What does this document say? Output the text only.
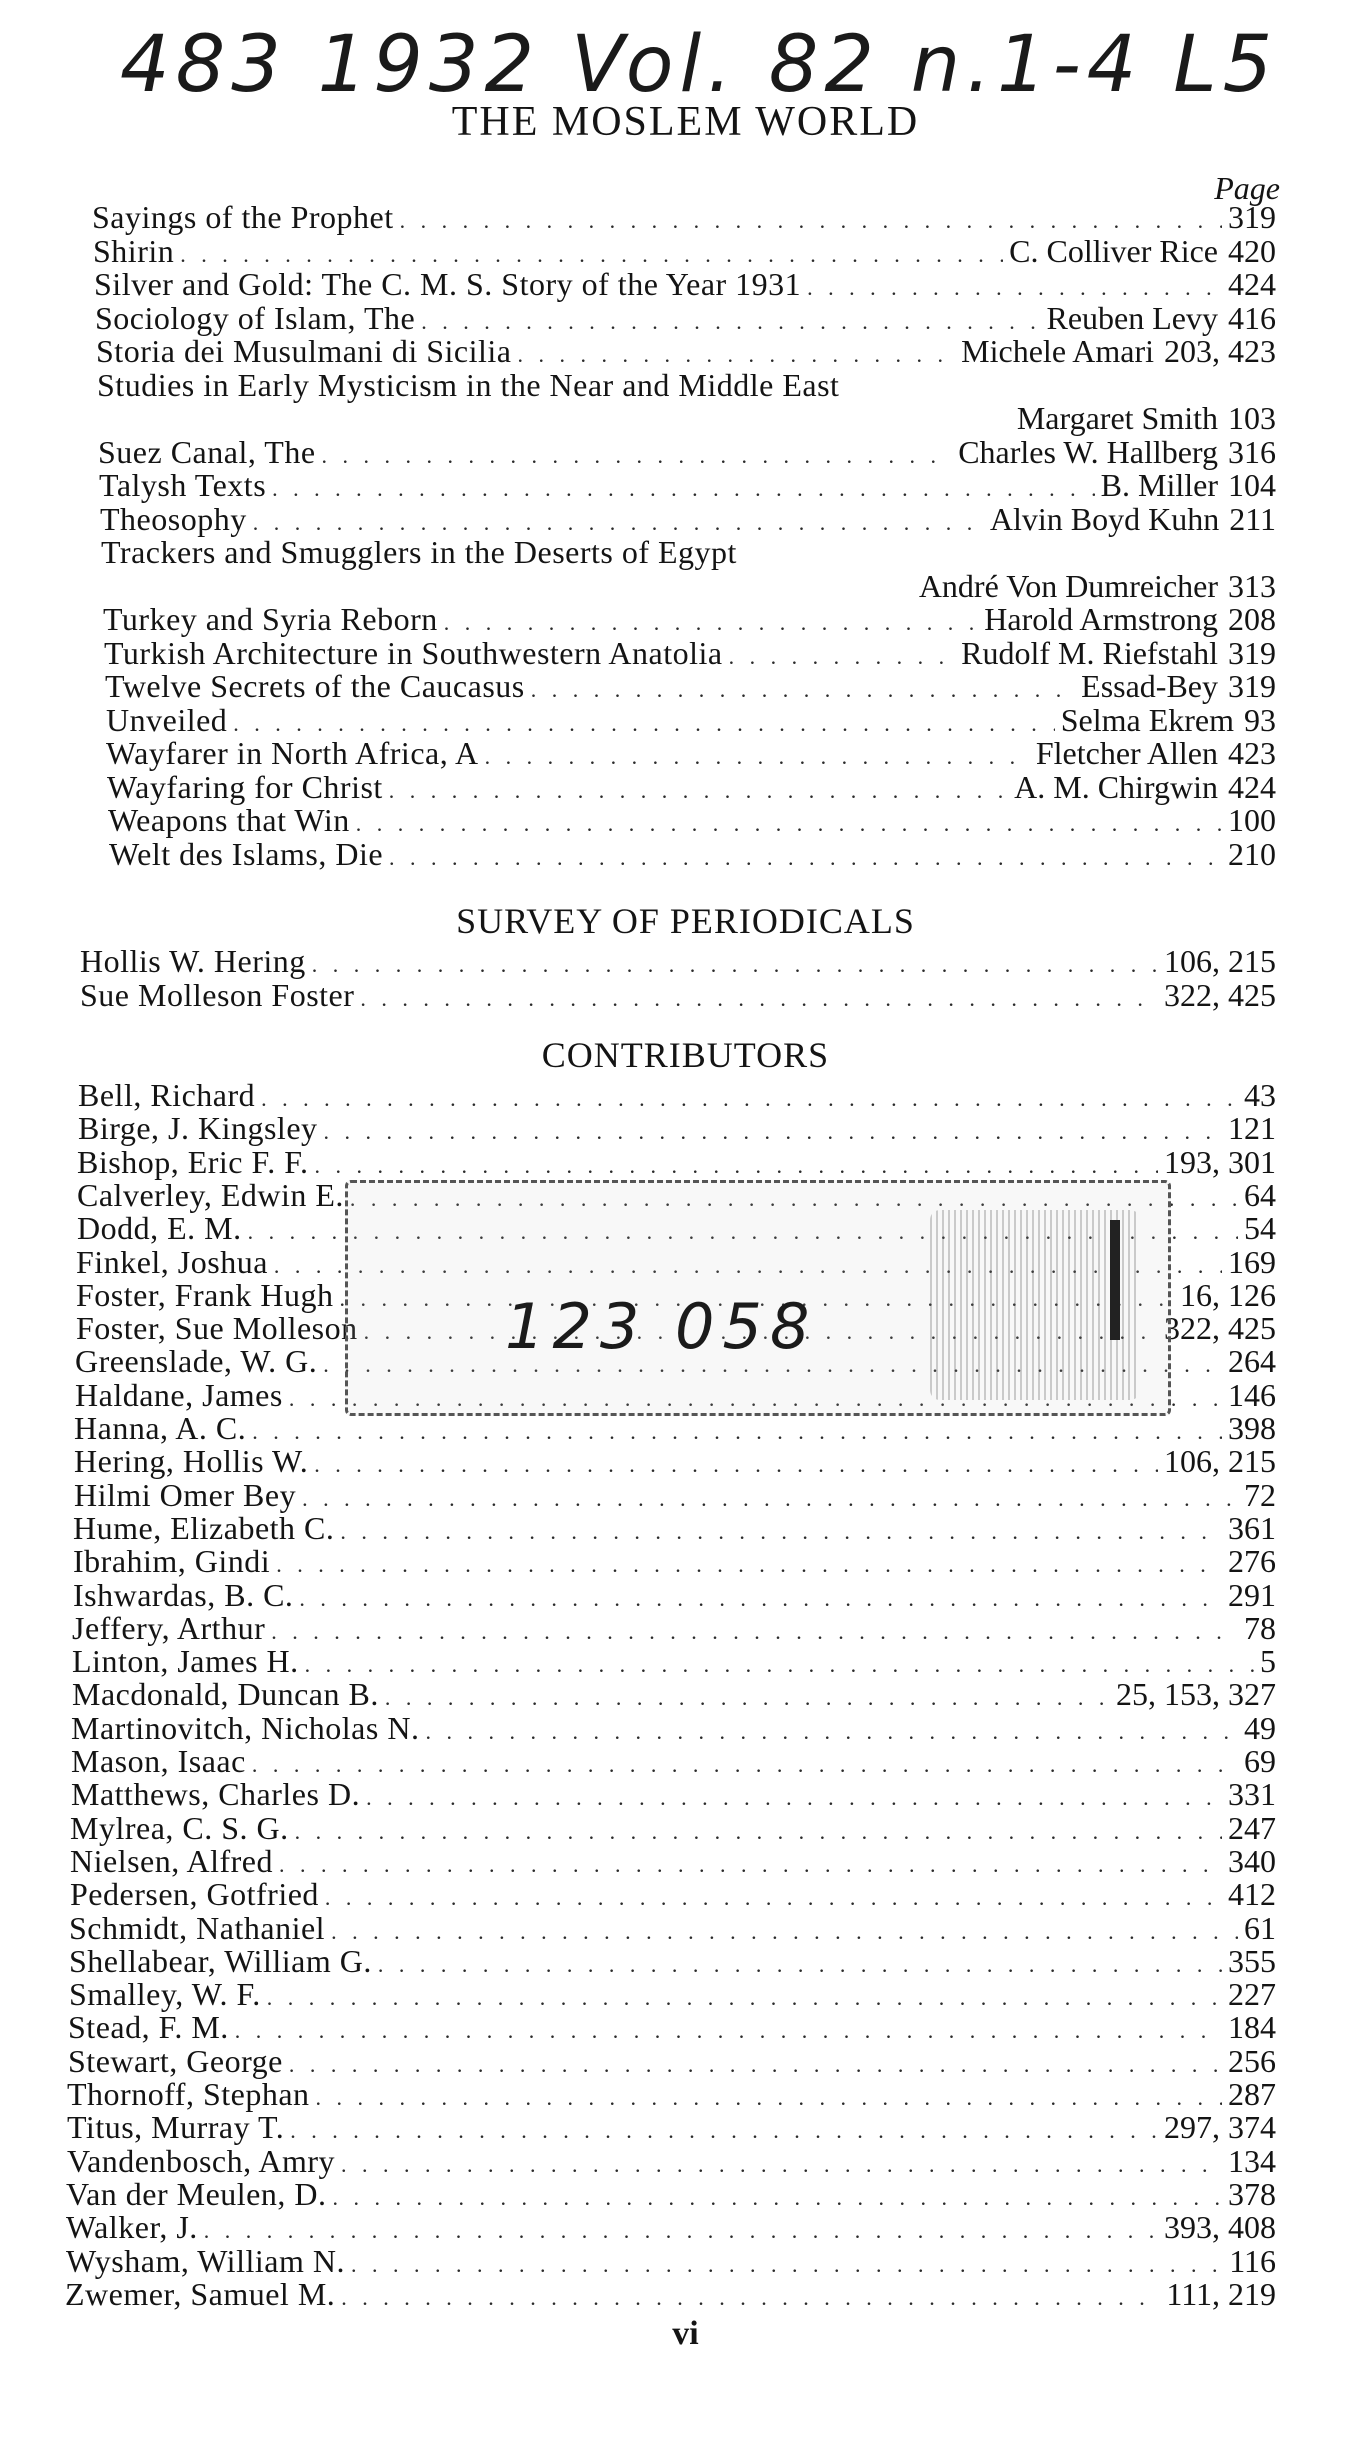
483 1932 Vol. 82 n.1-4 L5
THE MOSLEM WORLD
Page
Sayings of the Prophet . . .	319
Shirin . . .	C. Colliver Rice 420
Silver and Gold: The C. M. S. Story of the Year 1931 . . .	424
Sociology of Islam, The . . .	Reuben Levy 416
Storia dei Musulmani di Sicilia . . .	Michele Amari 203, 423
Studies in Early Mysticism in the Near and Middle East
Margaret Smith 103
Suez Canal, The . . .	Charles W. Hallberg 316
Talysh Texts . . .	B. Miller 104
Theosophy . . .	Alvin Boyd Kuhn 211
Trackers and Smugglers in the Deserts of Egypt
André Von Dumreicher 313
Turkey and Syria Reborn . . .	Harold Armstrong 208
Turkish Architecture in Southwestern Anatolia . . .	Rudolf M. Riefstahl 319
Twelve Secrets of the Caucasus . . .	Essad-Bey 319
Unveiled . . .	Selma Ekrem 93
Wayfarer in North Africa, A . . .	Fletcher Allen 423
Wayfaring for Christ . . .	A. M. Chirgwin 424
Weapons that Win . . .	100
Welt des Islams, Die . . .	210
SURVEY OF PERIODICALS
Hollis W. Hering . . .	106, 215
Sue Molleson Foster . . .	322, 425
CONTRIBUTORS
Bell, Richard . . .	43
Birge, J. Kingsley . . .	121
Bishop, Eric F. F. . . .	193, 301
Calverley, Edwin E. . . .	64
Dodd, E. M. . . .	54
Finkel, Joshua . . .	169
Foster, Frank Hugh . . .	16, 126
Foster, Sue Molleson . . .	322, 425
Greenslade, W. G. . . .	264
Haldane, James . . .	146
Hanna, A. C. . . .	398
Hering, Hollis W. . . .	106, 215
Hilmi Omer Bey . . .	72
Hume, Elizabeth C. . . .	361
Ibrahim, Gindi . . .	276
Ishwardas, B. C. . . .	291
Jeffery, Arthur . . .	78
Linton, James H. . . .	5
Macdonald, Duncan B. . . .	25, 153, 327
Martinovitch, Nicholas N. . . .	49
Mason, Isaac . . .	69
Matthews, Charles D. . . .	331
Mylrea, C. S. G. . . .	247
Nielsen, Alfred . . .	340
Pedersen, Gotfried . . .	412
Schmidt, Nathaniel . . .	61
Shellabear, William G. . . .	355
Smalley, W. F. . . .	227
Stead, F. M. . . .	184
Stewart, George . . .	256
Thornoff, Stephan . . .	287
Titus, Murray T. . . .	297, 374
Vandenbosch, Amry . . .	134
Van der Meulen, D. . . .	378
Walker, J. . . .	393, 408
Wysham, William N. . . .	116
Zwemer, Samuel M. . . .	111, 219
123 058
vi
